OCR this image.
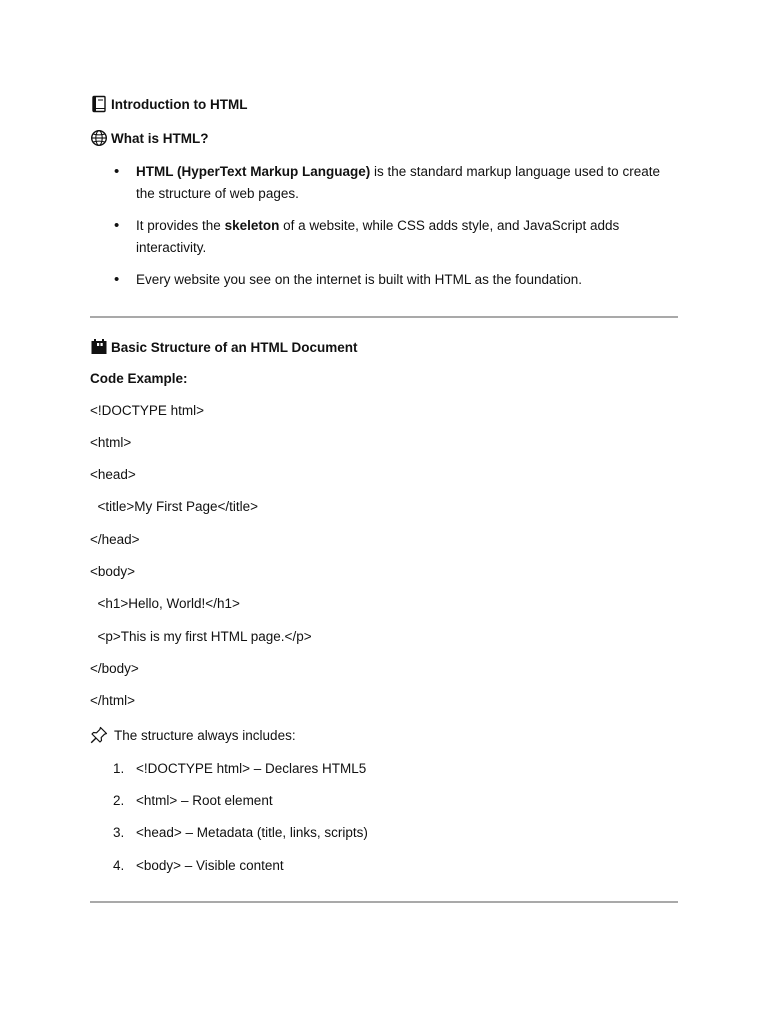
Introduction to HTML
What is HTML?
• HTML (HyperText Markup Language) is the standard markup language used to create the structure of web pages.
• It provides the skeleton of a website, while CSS adds style, and JavaScript adds interactivity.
• Every website you see on the internet is built with HTML as the foundation.
Basic Structure of an HTML Document
Code Example:
<!DOCTYPE html>
<html>
<head>
<title>My First Page</title>
</head>
<body>
<h1>Hello, World!</h1>
<p>This is my first HTML page.</p>
</body>
</html>
The structure always includes:
1. <!DOCTYPE html> – Declares HTML5
2. <html> – Root element
3. <head> – Metadata (title, links, scripts)
4. <body> – Visible content
